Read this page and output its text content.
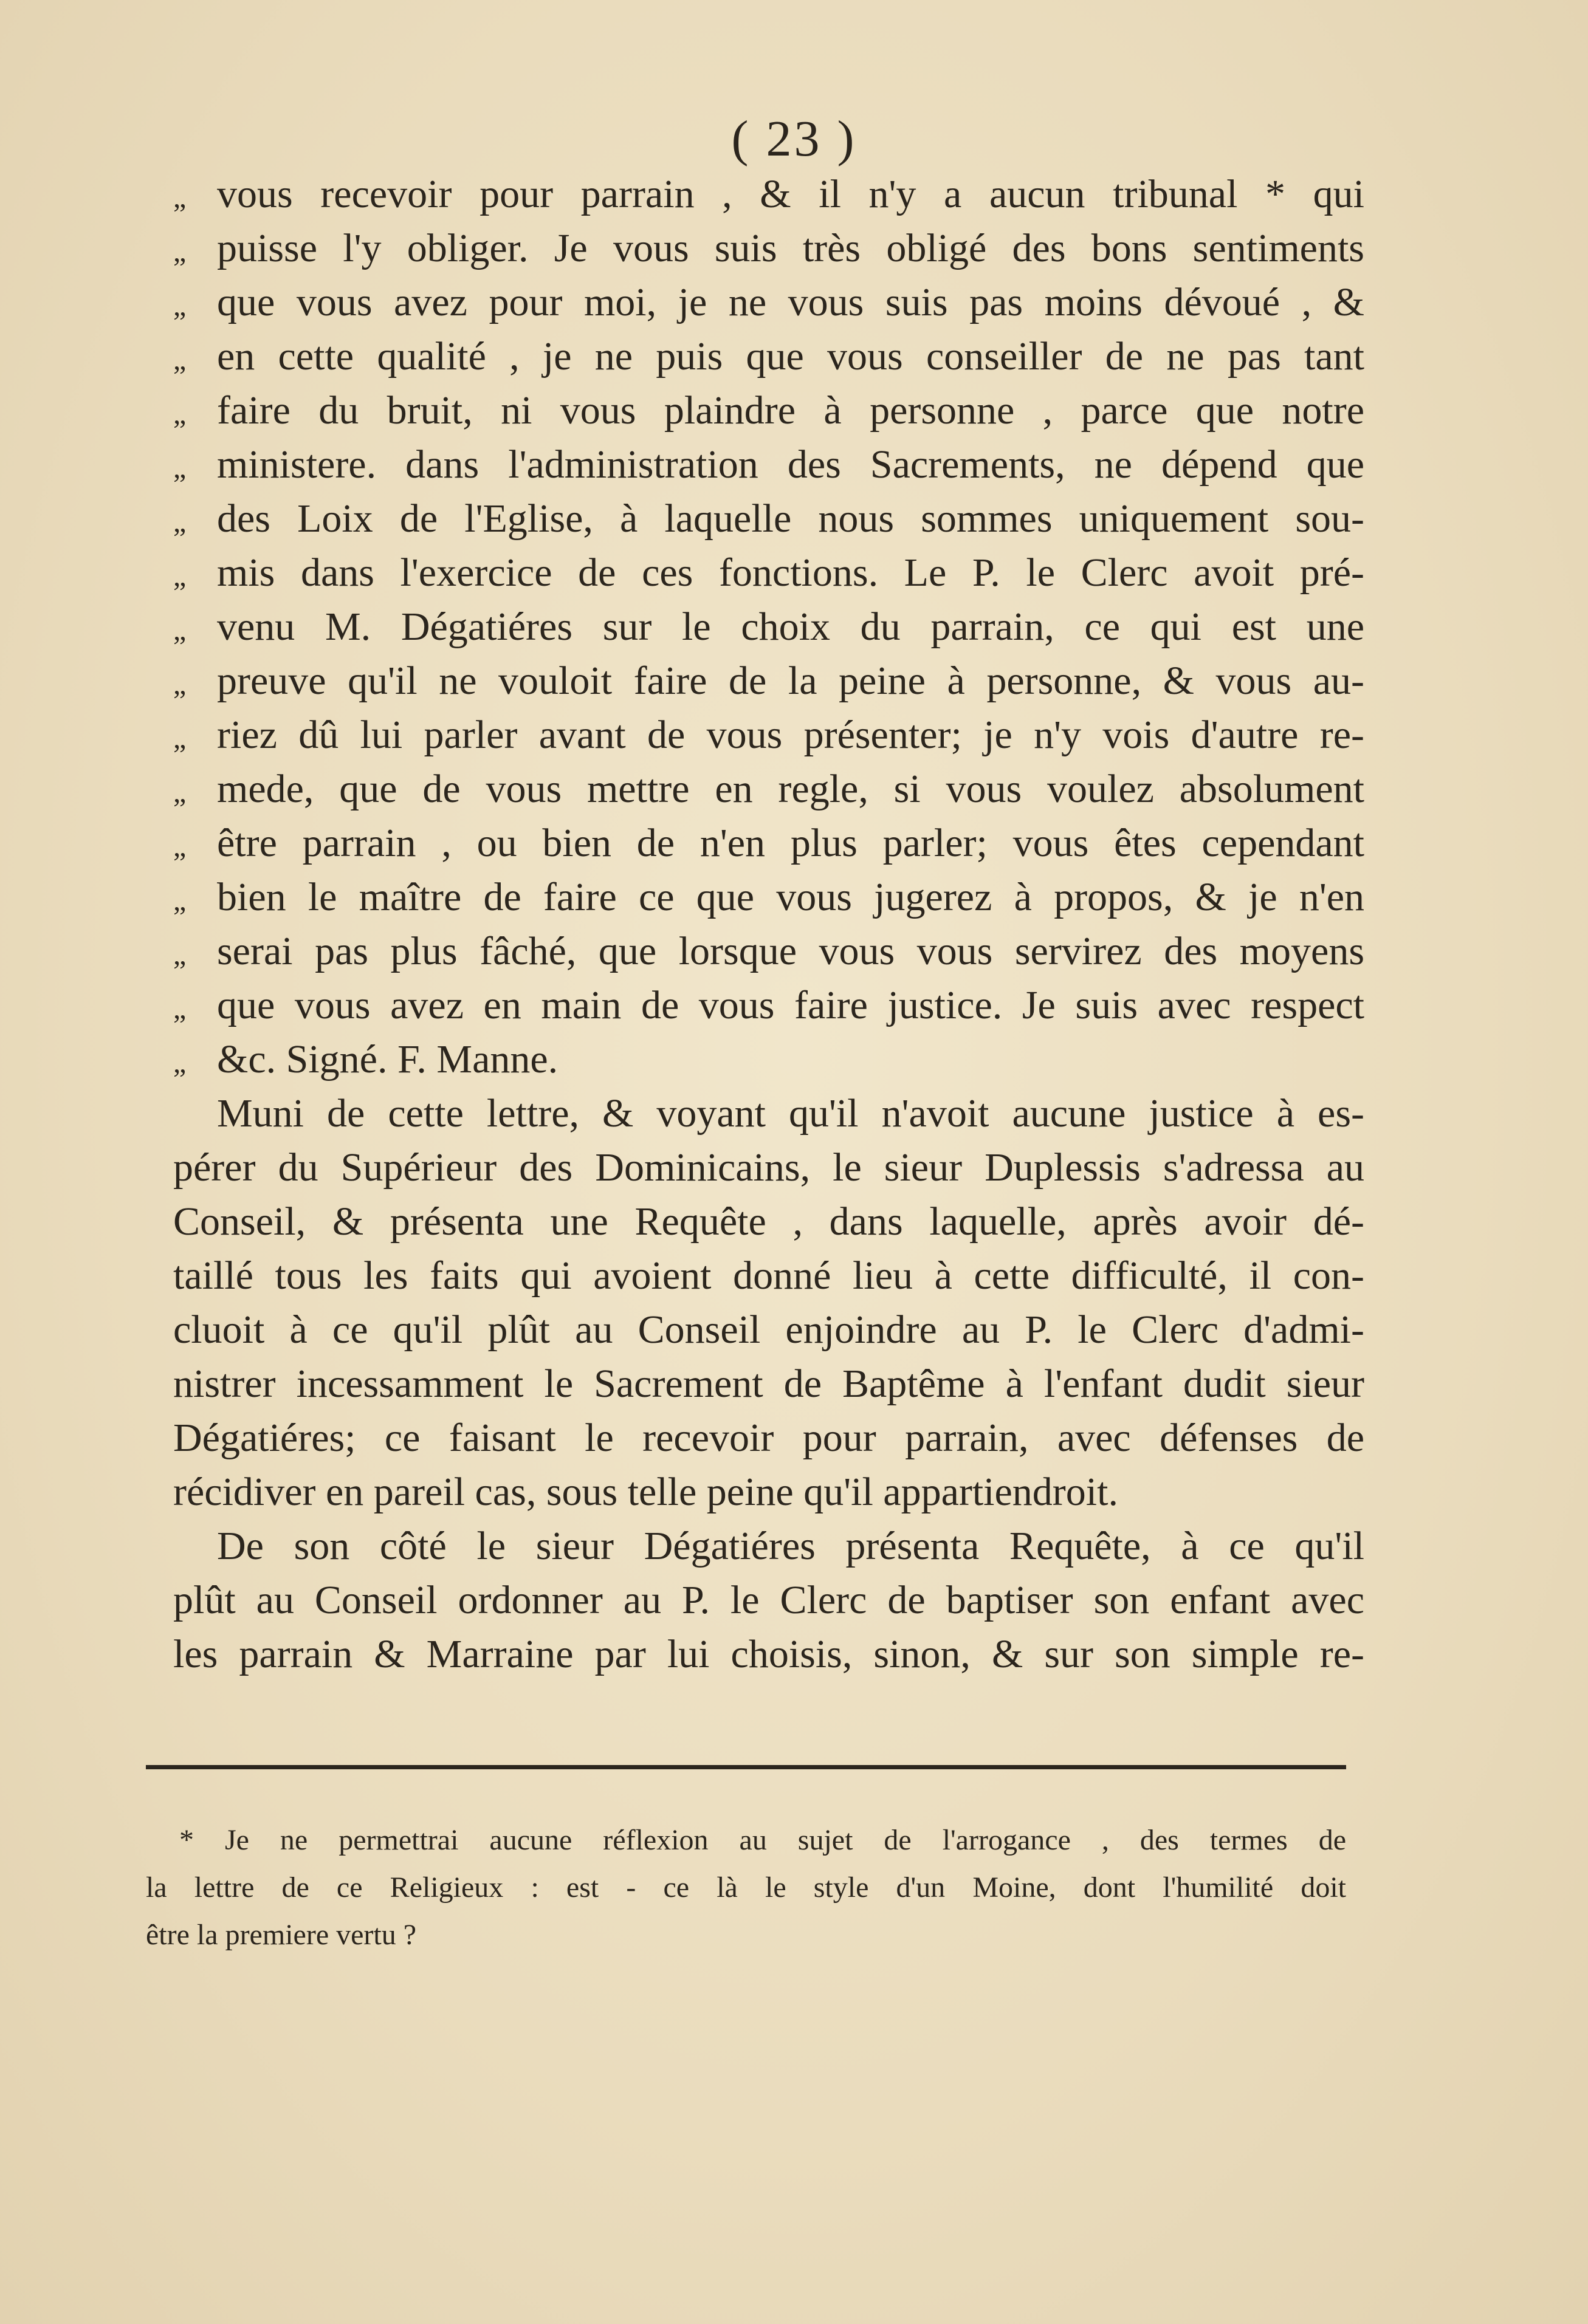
( 23 )
„ vous recevoir pour parrain , & il n'y a aucun tribunal * qui
„ puisse l'y obliger. Je vous suis très obligé des bons sentiments
„ que vous avez pour moi, je ne vous suis pas moins dévoué , &
„ en cette qualité , je ne puis que vous conseiller de ne pas tant
„ faire du bruit, ni vous plaindre à personne , parce que notre
„ ministere. dans l'administration des Sacrements, ne dépend que
„ des Loix de l'Eglise, à laquelle nous sommes uniquement sou-
„ mis dans l'exercice de ces fonctions. Le P. le Clerc avoit pré-
„ venu M. Dégatiéres sur le choix du parrain, ce qui est une
„ preuve qu'il ne vouloit faire de la peine à personne, & vous au-
„ riez dû lui parler avant de vous présenter; je n'y vois d'autre re-
„ mede, que de vous mettre en regle, si vous voulez absolument
„ être parrain , ou bien de n'en plus parler; vous êtes cependant
„ bien le maître de faire ce que vous jugerez à propos, & je n'en
„ serai pas plus fâché, que lorsque vous vous servirez des moyens
„ que vous avez en main de vous faire justice. Je suis avec respect
„ &c. Signé. F. Manne.
Muni de cette lettre, & voyant qu'il n'avoit aucune justice à es-
pérer du Supérieur des Dominicains, le sieur Duplessis s'adressa au
Conseil, & présenta une Requête , dans laquelle, après avoir dé-
taillé tous les faits qui avoient donné lieu à cette difficulté, il con-
cluoit à ce qu'il plût au Conseil enjoindre au P. le Clerc d'admi-
nistrer incessamment le Sacrement de Baptême à l'enfant dudit sieur
Dégatiéres; ce faisant le recevoir pour parrain, avec défenses de
récidiver en pareil cas, sous telle peine qu'il appartiendroit.
De son côté le sieur Dégatiéres présenta Requête, à ce qu'il
plût au Conseil ordonner au P. le Clerc de baptiser son enfant avec
les parrain & Marraine par lui choisis, sinon, & sur son simple re-
* Je ne permettrai aucune réflexion au sujet de l'arrogance , des termes de
la lettre de ce Religieux : est - ce là le style d'un Moine, dont l'humilité doit
être la premiere vertu ?
